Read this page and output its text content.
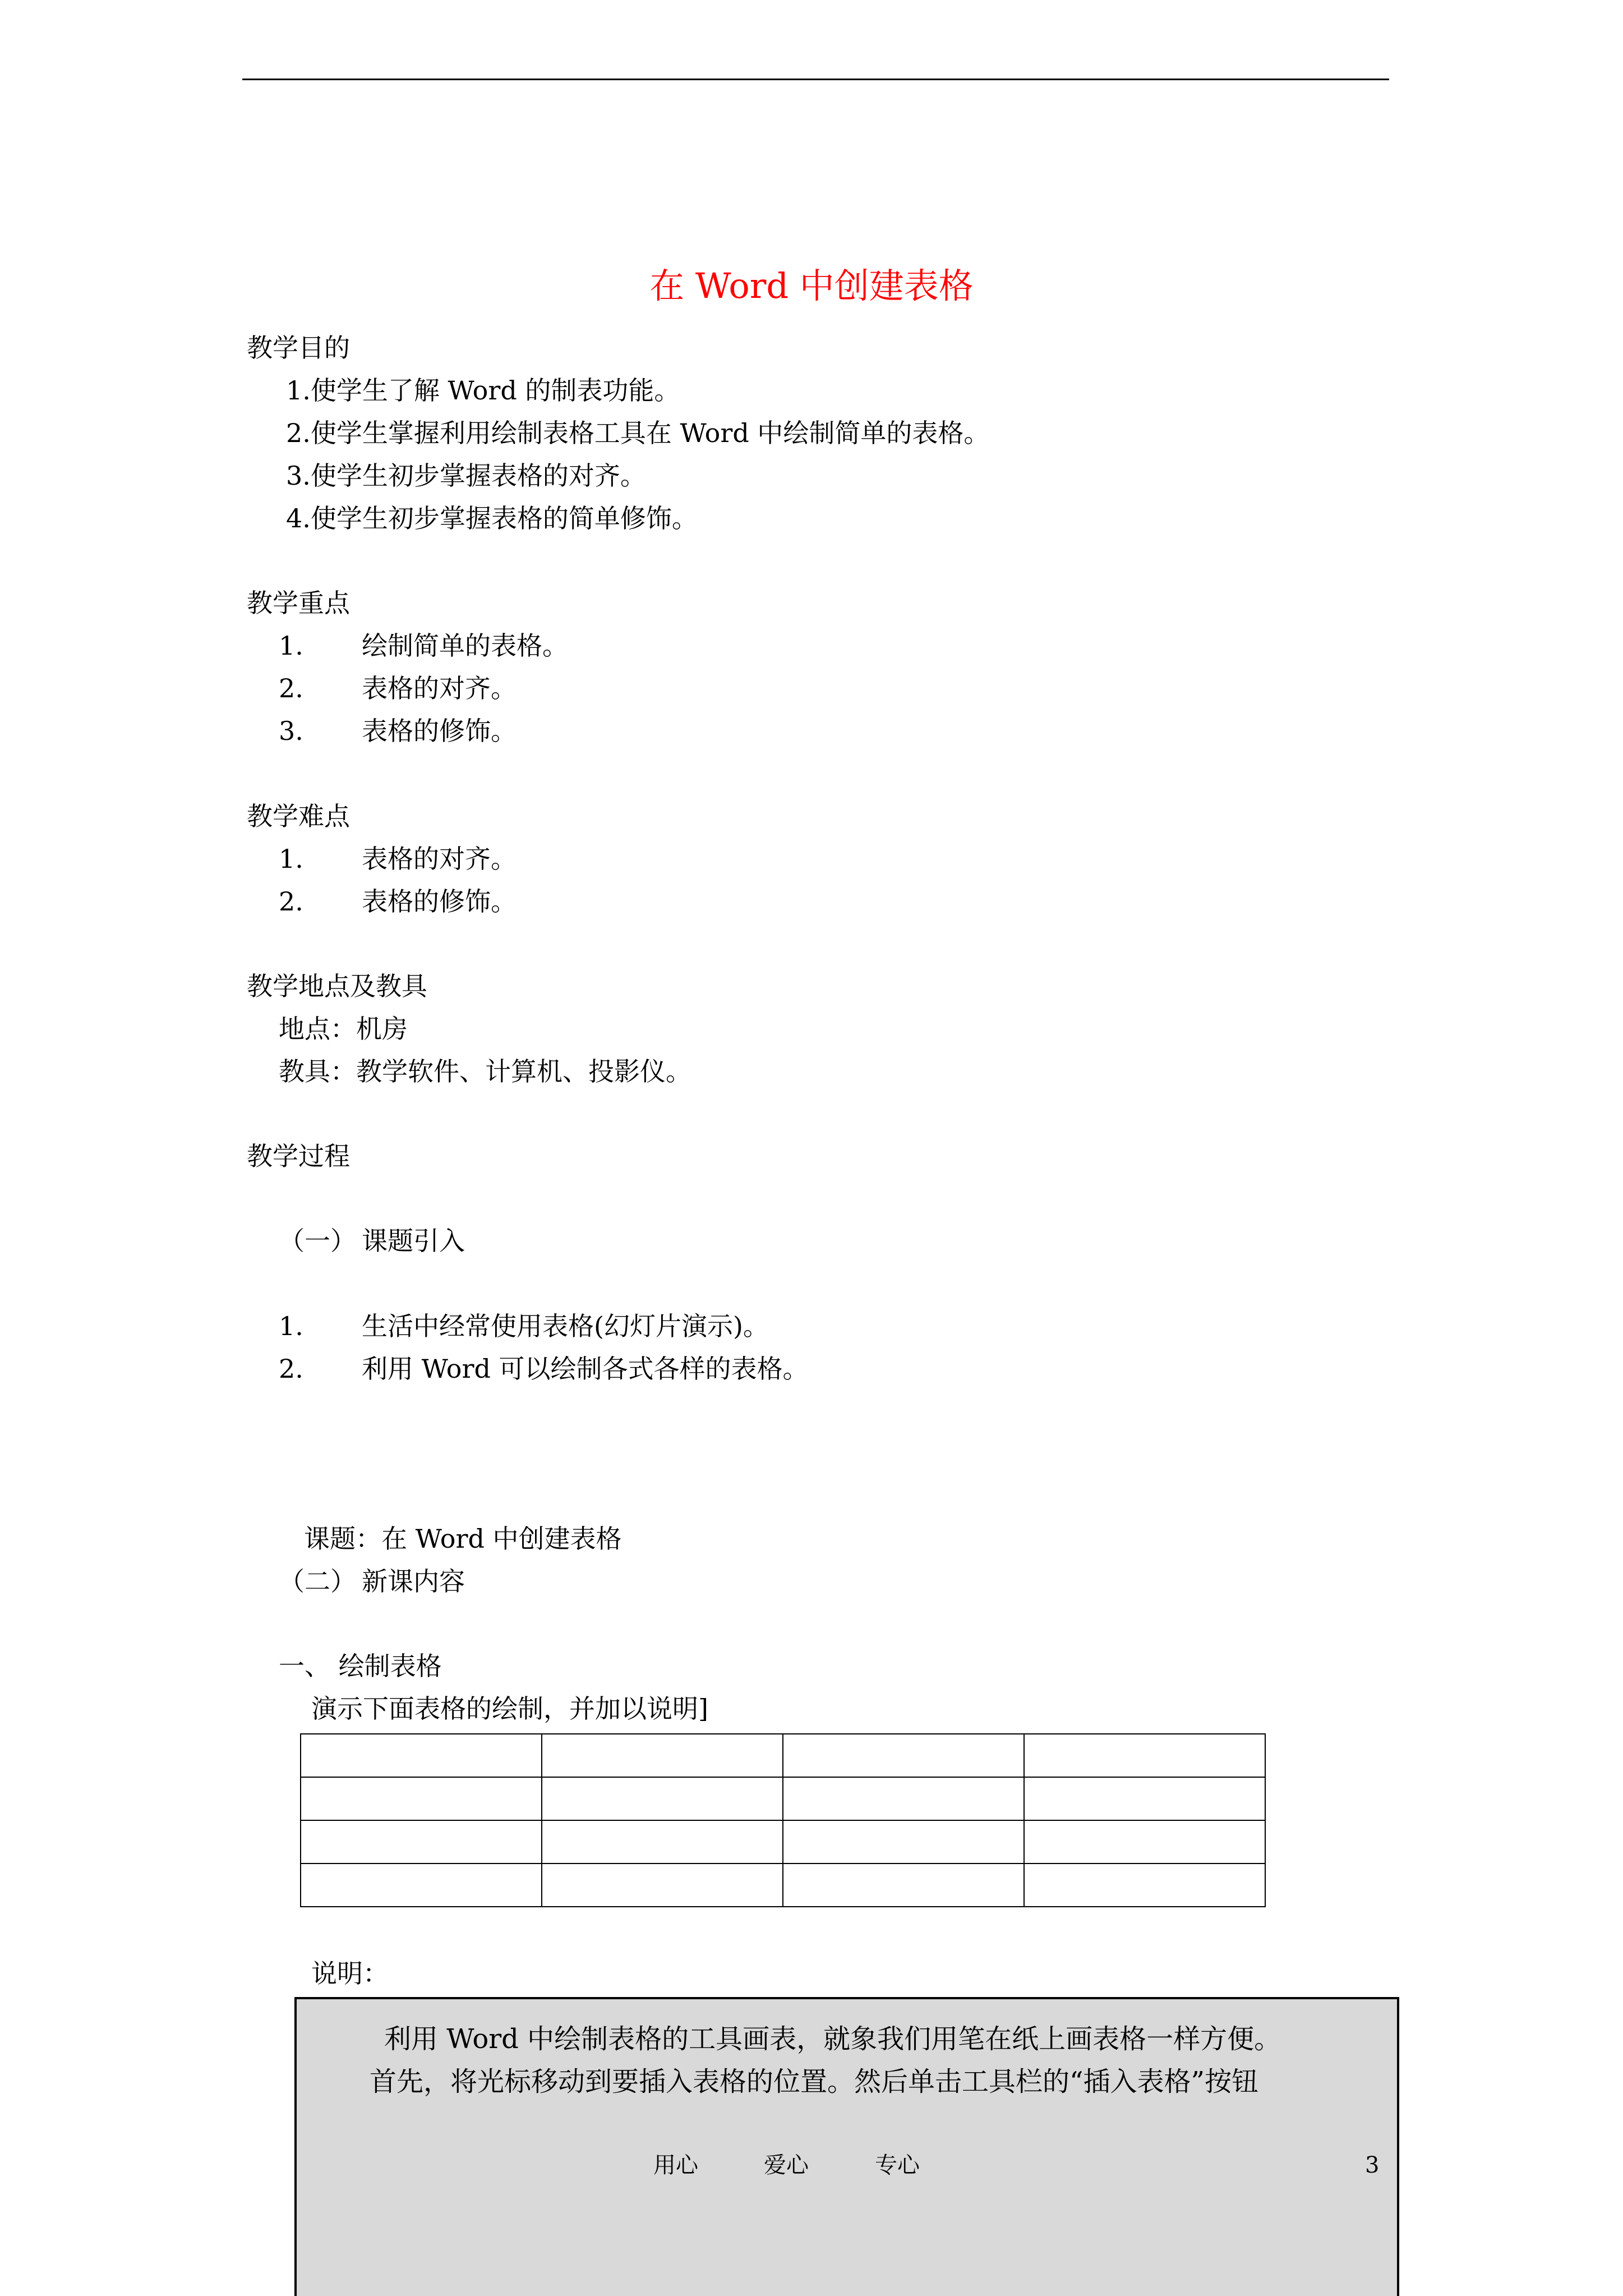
在 Word 中创建表格
教学目的
1.使学生了解 Word 的制表功能。
2.使学生掌握利用绘制表格工具在 Word 中绘制简单的表格。
3.使学生初步掌握表格的对齐。
4.使学生初步掌握表格的简单修饰。
教学重点
1. 绘制简单的表格。
2. 表格的对齐。
3. 表格的修饰。
教学难点
1. 表格的对齐。
2. 表格的修饰。
教学地点及教具
地点：机房
教具：教学软件、计算机、投影仪。
教学过程
（一） 课题引入
1. 生活中经常使用表格(幻灯片演示)。
2. 利用 Word 可以绘制各式各样的表格。
课题：在 Word 中创建表格
（二） 新课内容
一、 绘制表格
演示下面表格的绘制，并加以说明]

说明：
利用 Word 中绘制表格的工具画表，就象我们用笔在纸上画表格一样方便。
首先，将光标移动到要插入表格的位置。然后单击工具栏的“插入表格”按钮
用心	爱心	专心	3
